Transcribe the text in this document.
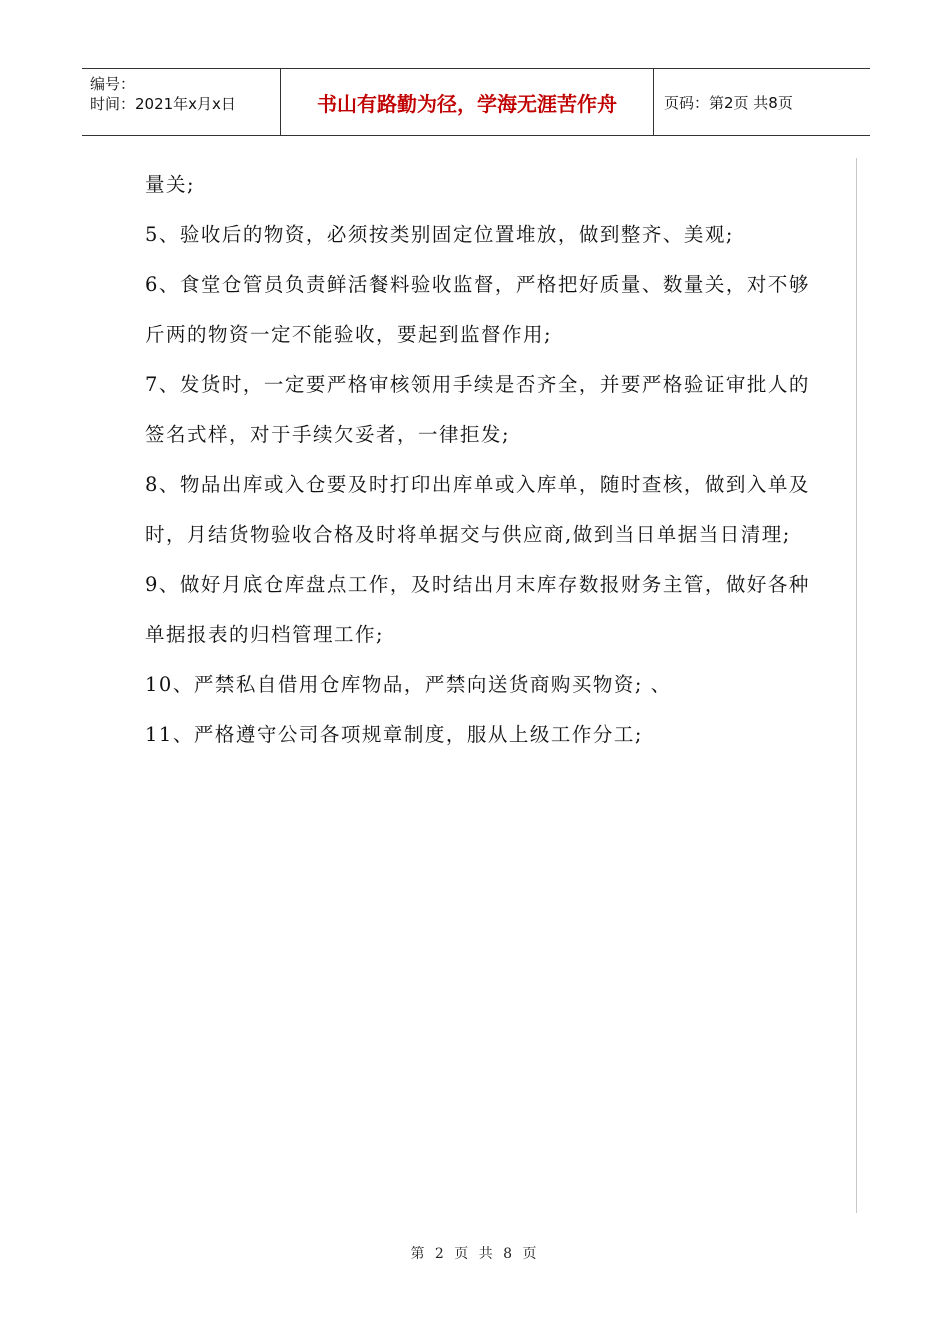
编号：
时间：2021年x月x日	书山有路勤为径，学海无涯苦作舟	页码：第2页 共8页

量关;

5、验收后的物资，必须按类别固定位置堆放，做到整齐、美观;

6、食堂仓管员负责鲜活餐料验收监督，严格把好质量、数量关，对不够斤两的物资一定不能验收，要起到监督作用;

7、发货时，一定要严格审核领用手续是否齐全，并要严格验证审批人的签名式样，对于手续欠妥者，一律拒发;

8、物品出库或入仓要及时打印出库单或入库单，随时查核，做到入单及时，月结货物验收合格及时将单据交与供应商,做到当日单据当日清理;

9、做好月底仓库盘点工作，及时结出月末库存数报财务主管，做好各种单据报表的归档管理工作;

10、严禁私自借用仓库物品，严禁向送货商购买物资; 、

11、严格遵守公司各项规章制度，服从上级工作分工;

第 2 页 共 8 页
